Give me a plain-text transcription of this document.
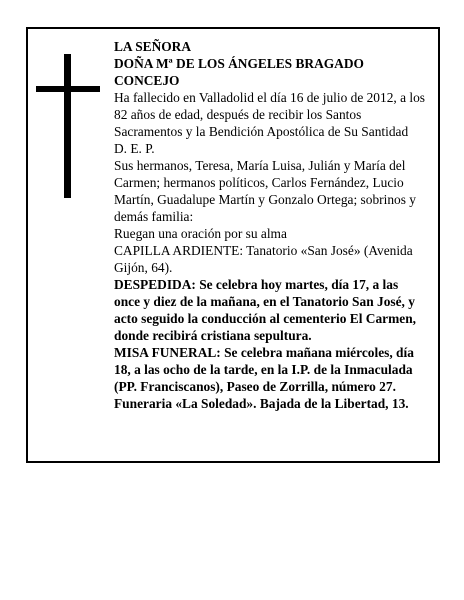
LA SEÑORA

DOÑA Mª DE LOS ÁNGELES BRAGADO CONCEJO

Ha fallecido en Valladolid el día 16 de julio de 2012, a los 82 años de edad, después de recibir los Santos Sacramentos y la Bendición Apostólica de Su Santidad

D. E. P.

Sus hermanos, Teresa, María Luisa, Julián y María del Carmen; hermanos políticos, Carlos Fernández, Lucio Martín, Guadalupe Martín y Gonzalo Ortega; sobrinos y demás familia:

Ruegan una oración por su alma

CAPILLA ARDIENTE: Tanatorio «San José» (Avenida Gijón, 64).

DESPEDIDA: Se celebra hoy martes, día 17, a las once y diez de la mañana, en el Tanatorio San José, y acto seguido la conducción al cementerio El Carmen, donde recibirá cristiana sepultura.

MISA FUNERAL: Se celebra mañana miércoles, día 18, a las ocho de la tarde, en la I.P. de la Inmaculada (PP. Franciscanos), Paseo de Zorrilla, número 27.

Funeraria «La Soledad». Bajada de la Libertad, 13.
